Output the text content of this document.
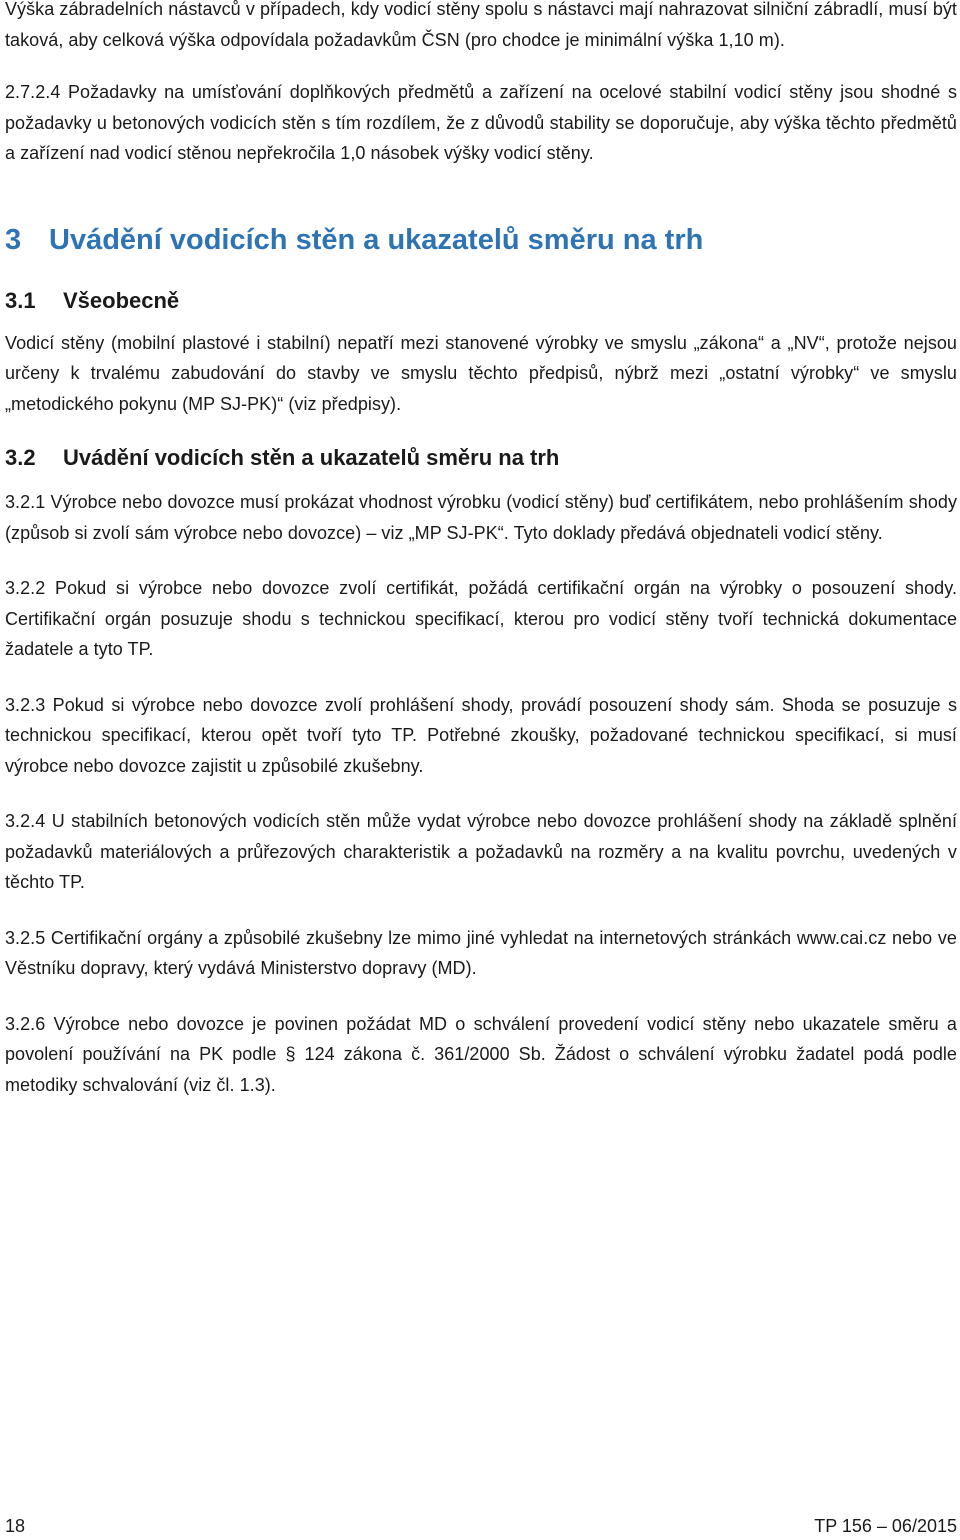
Výška zábradelních nástavců v případech, kdy vodicí stěny spolu s nástavci mají nahrazovat silniční zábradlí, musí být taková, aby celková výška odpovídala požadavkům ČSN (pro chodce je minimální výška 1,10 m).

2.7.2.4 Požadavky na umísťování doplňkových předmětů a zařízení na ocelové stabilní vodicí stěny jsou shodné s požadavky u betonových vodicích stěn s tím rozdílem, že z důvodů stability se doporučuje, aby výška těchto předmětů a zařízení nad vodicí stěnou nepřekročila 1,0 násobek výšky vodicí stěny.

3 Uvádění vodicích stěn a ukazatelů směru na trh
3.1	Všeobecně

Vodicí stěny (mobilní plastové i stabilní) nepatří mezi stanovené výrobky ve smyslu „zákona“ a „NV“, protože nejsou určeny k trvalému zabudování do stavby ve smyslu těchto předpisů, nýbrž mezi „ostatní výrobky“ ve smyslu „metodického pokynu (MP SJ-PK)“ (viz předpisy).

3.2	Uvádění vodicích stěn a ukazatelů směru na trh

3.2.1 Výrobce nebo dovozce musí prokázat vhodnost výrobku (vodicí stěny) buď certifikátem, nebo prohlášením shody (způsob si zvolí sám výrobce nebo dovozce) – viz „MP SJ-PK“. Tyto doklady předává objednateli vodicí stěny.

3.2.2 Pokud si výrobce nebo dovozce zvolí certifikát, požádá certifikační orgán na výrobky o posouzení shody. Certifikační orgán posuzuje shodu s technickou specifikací, kterou pro vodicí stěny tvoří technická dokumentace žadatele a tyto TP.

3.2.3 Pokud si výrobce nebo dovozce zvolí prohlášení shody, provádí posouzení shody sám. Shoda se posuzuje s technickou specifikací, kterou opět tvoří tyto TP. Potřebné zkoušky, požadované technickou specifikací, si musí výrobce nebo dovozce zajistit u způsobilé zkušebny.

3.2.4 U stabilních betonových vodicích stěn může vydat výrobce nebo dovozce prohlášení shody na základě splnění požadavků materiálových a průřezových charakteristik a požadavků na rozměry a na kvalitu povrchu, uvedených v těchto TP.

3.2.5 Certifikační orgány a způsobilé zkušebny lze mimo jiné vyhledat na internetových stránkách www.cai.cz nebo ve Věstníku dopravy, který vydává Ministerstvo dopravy (MD).

3.2.6 Výrobce nebo dovozce je povinen požádat MD o schválení provedení vodicí stěny nebo ukazatele směru a povolení používání na PK podle § 124 zákona č. 361/2000 Sb. Žádost o schválení výrobku žadatel podá podle metodiky schvalování (viz čl. 1.3).

18	TP 156 – 06/2015
